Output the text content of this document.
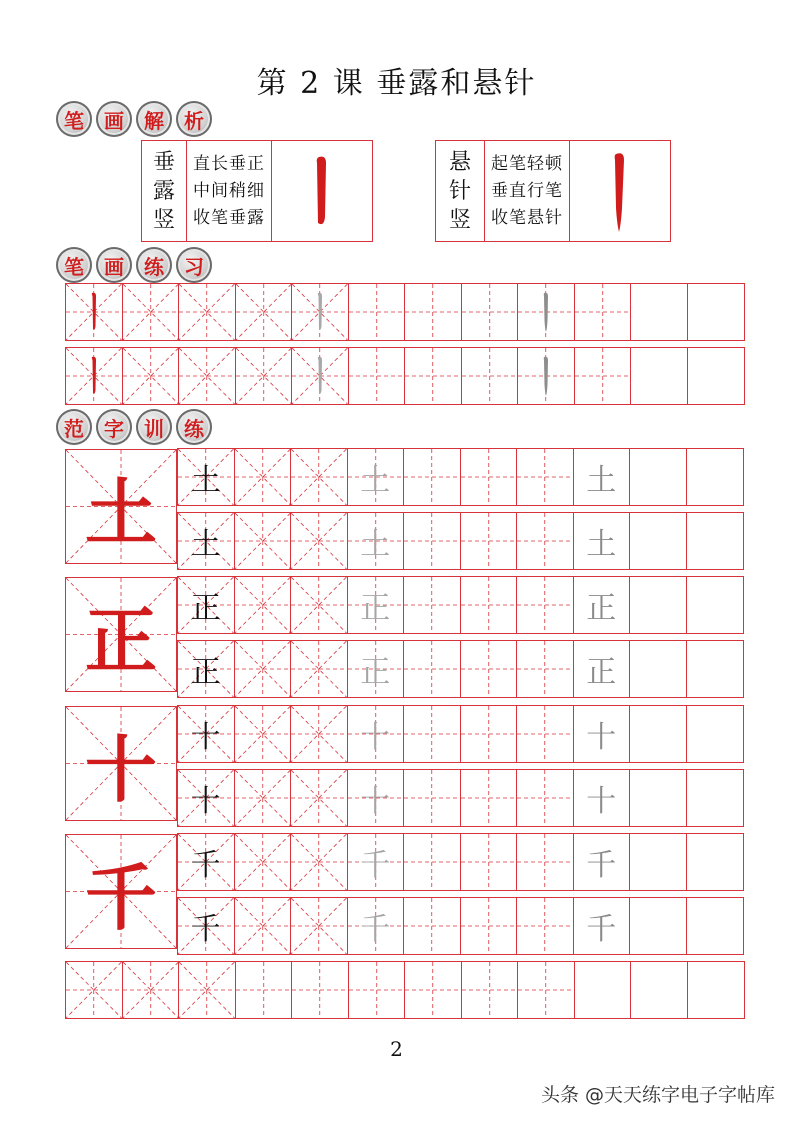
第 2 课 垂露和悬针
笔	画	解	析
垂
露
竖
直长垂正
中间稍细
收笔垂露
悬
针
竖
起笔轻顿
垂直行笔
收笔悬针
笔	画	练	习
范	字	训	练
土	土	土	土
土	土	土
正	正	正	正
正	正	正
十	十	十	十
十	十	十
千	千	千	千
千	千	千
2
头条 @天天练字电子字帖库
